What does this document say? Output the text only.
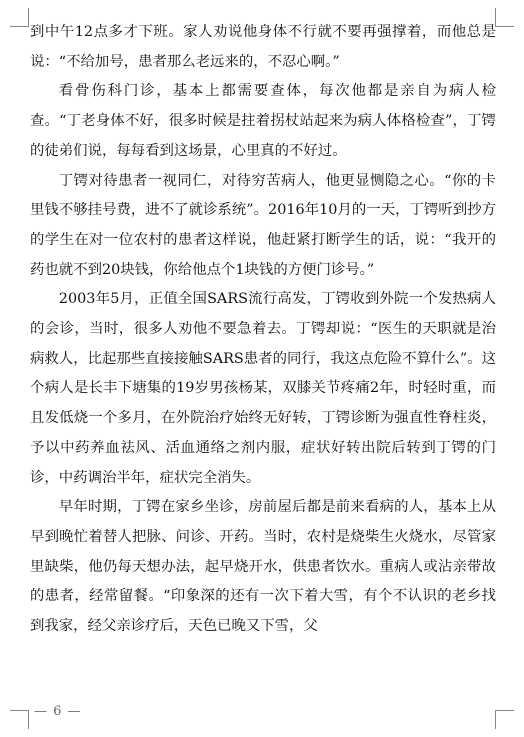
到中午12点多才下班。家人劝说他身体不行就不要再强撑着，而他总是说：“不给加号，患者那么老远来的，不忍心啊。”

看骨伤科门诊，基本上都需要查体，每次他都是亲自为病人检查。“丁老身体不好，很多时候是拄着拐杖站起来为病人体格检查”，丁锷的徒弟们说，每每看到这场景，心里真的不好过。

丁锷对待患者一视同仁，对待穷苦病人，他更显恻隐之心。“你的卡里钱不够挂号费，进不了就诊系统”。2016年10月的一天，丁锷听到抄方的学生在对一位农村的患者这样说，他赶紧打断学生的话，说：“我开的药也就不到20块钱，你给他点个1块钱的方便门诊号。”

2003年5月，正值全国SARS流行高发，丁锷收到外院一个发热病人的会诊，当时，很多人劝他不要急着去。丁锷却说：“医生的天职就是治病救人，比起那些直接接触SARS患者的同行，我这点危险不算什么”。这个病人是长丰下塘集的19岁男孩杨某，双膝关节疼痛2年，时轻时重，而且发低烧一个多月，在外院治疗始终无好转，丁锷诊断为强直性脊柱炎，予以中药养血祛风、活血通络之剂内服，症状好转出院后转到丁锷的门诊，中药调治半年，症状完全消失。

早年时期，丁锷在家乡坐诊，房前屋后都是前来看病的人，基本上从早到晚忙着替人把脉、问诊、开药。当时，农村是烧柴生火烧水，尽管家里缺柴，他仍每天想办法，起早烧开水，供患者饮水。重病人或沾亲带故的患者，经常留餐。“印象深的还有一次下着大雪，有个不认识的老乡找到我家，经父亲诊疗后，天色已晚又下雪，父

— 6 —
